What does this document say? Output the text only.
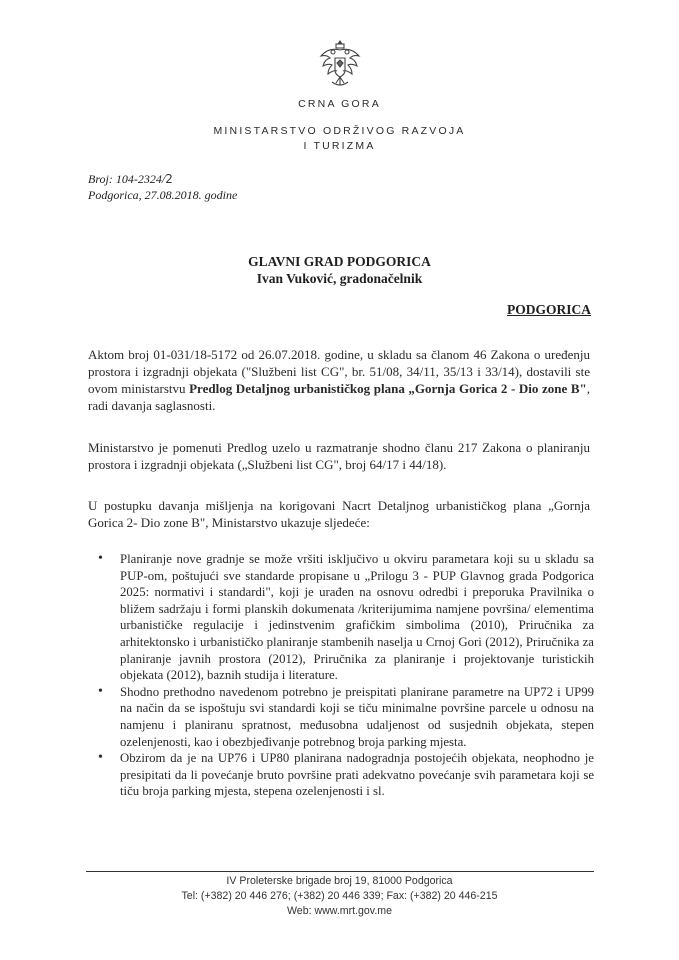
CRNA GORA
MINISTARSTVO ODRŽIVOG RAZVOJA
I TURIZMA
Broj: 104-2324/2
Podgorica, 27.08.2018. godine
GLAVNI GRAD PODGORICA
Ivan Vuković, gradonačelnik
PODGORICA
Aktom broj 01-031/18-5172 od 26.07.2018. godine, u skladu sa članom 46 Zakona o uređenju prostora i izgradnji objekata ("Službeni list CG", br. 51/08, 34/11, 35/13 i 33/14), dostavili ste ovom ministarstvu Predlog Detaljnog urbanističkog plana „Gornja Gorica 2 - Dio zone B", radi davanja saglasnosti.
Ministarstvo je pomenuti Predlog uzelo u razmatranje shodno članu 217 Zakona o planiranju prostora i izgradnji objekata („Službeni list CG", broj 64/17 i 44/18).
U postupku davanja mišljenja na korigovani Nacrt Detaljnog urbanističkog plana „Gornja Gorica 2- Dio zone B", Ministarstvo ukazuje sljedeće:
• Planiranje nove gradnje se može vršiti isključivo u okviru parametara koji su u skladu sa PUP-om, poštujući sve standarde propisane u „Prilogu 3 - PUP Glavnog grada Podgorica 2025: normativi i standardi", koji je urađen na osnovu odredbi i preporuka Pravilnika o bližem sadržaju i formi planskih dokumenata /kriterijumima namjene površina/ elementima urbanističke regulacije i jedinstvenim grafičkim simbolima (2010), Priručnika za arhitektonsko i urbanističko planiranje stambenih naselja u Crnoj Gori (2012), Priručnika za planiranje javnih prostora (2012), Priručnika za planiranje i projektovanje turistickih objekata (2012), baznih studija i literature.
• Shodno prethodno navedenom potrebno je preispitati planirane parametre na UP72 i UP99 na način da se ispoštuju svi standardi koji se tiču minimalne površine parcele u odnosu na namjenu i planiranu spratnost, međusobna udaljenost od susjednih objekata, stepen ozelenjenosti, kao i obezbjeđivanje potrebnog broja parking mjesta.
• Obzirom da je na UP76 i UP80 planirana nadogradnja postojećih objekata, neophodno je presipitati da li povećanje bruto površine prati adekvatno povećanje svih parametara koji se tiču broja parking mjesta, stepena ozelenjenosti i sl.
IV Proleterske brigade broj 19, 81000 Podgorica
Tel: (+382) 20 446 276; (+382) 20 446 339; Fax: (+382) 20 446-215
Web: www.mrt.gov.me
